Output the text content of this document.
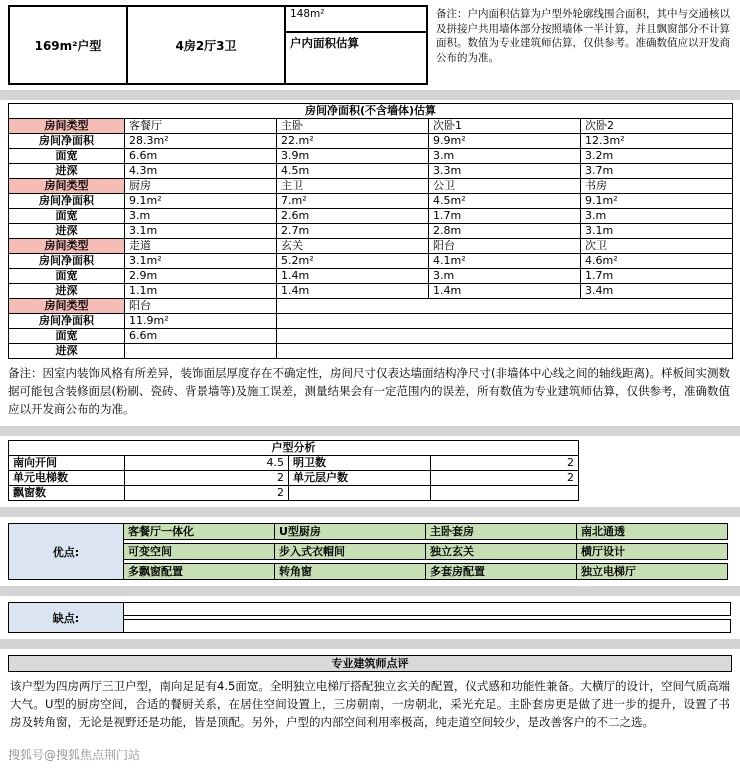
169m²户型	4房2厅3卫	148m²
户内面积估算
备注：户内面积估算为户型外轮廓线围合面积，其中与交通核以及拼接户共用墙体部分按照墙体一半计算，并且飘窗部分不计算面积。数值为专业建筑师估算，仅供参考。准确数值应以开发商公布的为准。
房间净面积(不含墙体)估算				
房间类型	客餐厅	主卧	次卧1	次卧2
房间净面积	28.3m²	22.m²	9.9m²	12.3m²
面宽	6.6m	3.9m	3.m	3.2m
进深	4.3m	4.5m	3.3m	3.7m
房间类型	厨房	主卫	公卫	书房
房间净面积	9.1m²	7.m²	4.5m²	9.1m²
面宽	3.m	2.6m	1.7m	3.m
进深	3.1m	2.7m	2.8m	3.1m
房间类型	走道	玄关	阳台	次卫
房间净面积	3.1m²	5.2m²	4.1m²	4.6m²
面宽	2.9m	1.4m	3.m	1.7m
进深	1.1m	1.4m	1.4m	3.4m
房间类型	阳台			
房间净面积	11.9m²			
面宽	6.6m			
进深				
备注：因室内装饰风格有所差异，装饰面层厚度存在不确定性，房间尺寸仅表达墙面结构净尺寸(非墙体中心线之间的轴线距离)。样板间实测数据可能包含装修面层(粉刷、瓷砖、背景墙等)及施工误差，测量结果会有一定范围内的误差，所有数值为专业建筑师估算，仅供参考，准确数值应以开发商公布的为准。
户型分析			
南向开间	4.5	明卫数	2
单元电梯数	2	单元层户数	2
飘窗数	2		
优点:
客餐厅一体化	U型厨房	主卧套房	南北通透
可变空间	步入式衣帽间	独立玄关	横厅设计
多飘窗配置	转角窗	多套房配置	独立电梯厅
缺点:
专业建筑师点评
该户型为四房两厅三卫户型，南向足足有4.5面宽。全明独立电梯厅搭配独立玄关的配置，仪式感和功能性兼备。大横厅的设计，空间气质高端大气。U型的厨房空间，合适的餐厨关系，在居住空间设置上，三房朝南，一房朝北，采光充足。主卧套房更是做了进一步的提升，设置了书房及转角窗，无论是视野还是功能，皆是顶配。另外，户型的内部空间利用率极高，纯走道空间较少，是改善客户的不二之选。
搜狐号@搜狐焦点荆门站
